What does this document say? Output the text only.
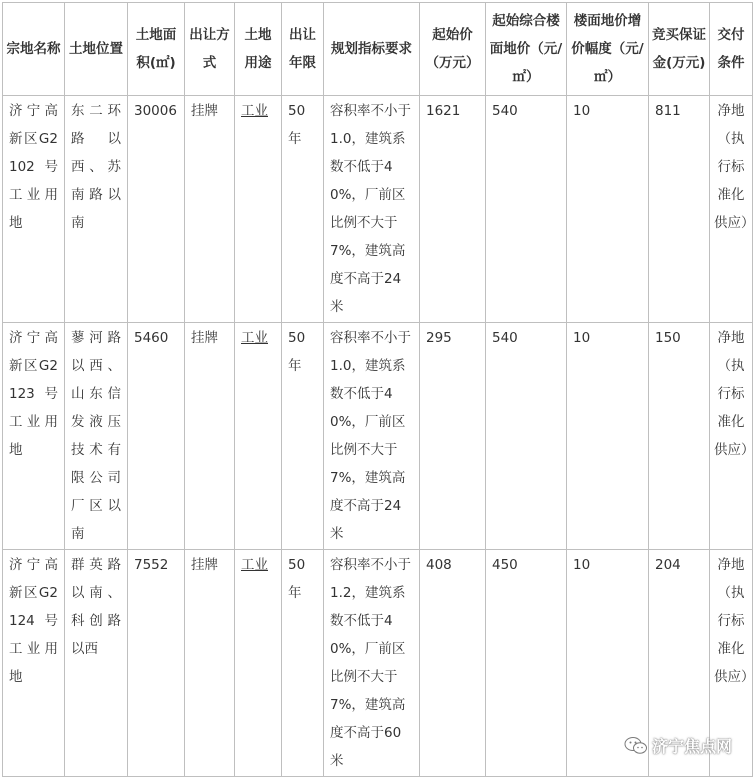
宗地名称	土地位置	土地面积(㎡)	出让方式	土地用途	出让年限	规划指标要求	起始价（万元）	起始综合楼面地价（元/㎡）	楼面地价增价幅度（元/㎡）	竞买保证金(万元)	交付条件
济宁高新区G2102号工业用地	东二环路以西、苏南路以南	30006	挂牌	工业	50年	容积率不小于1.0，建筑系数不低于40%，厂前区比例不大于7%，建筑高度不高于24米	1621	540	10	811	净地（执行标准化供应）
济宁高新区G2123号工业用地	蓼河路以西、山东信发液压技术有限公司厂区以南	5460	挂牌	工业	50年	容积率不小于1.0，建筑系数不低于40%，厂前区比例不大于7%，建筑高度不高于24米	295	540	10	150	净地（执行标准化供应）
济宁高新区G2124号工业用地	群英路以南、科创路以西	7552	挂牌	工业	50年	容积率不小于1.2，建筑系数不低于40%，厂前区比例不大于7%，建筑高度不高于60米	408	450	10	204	净地（执行标准化供应）
济宁焦点网
